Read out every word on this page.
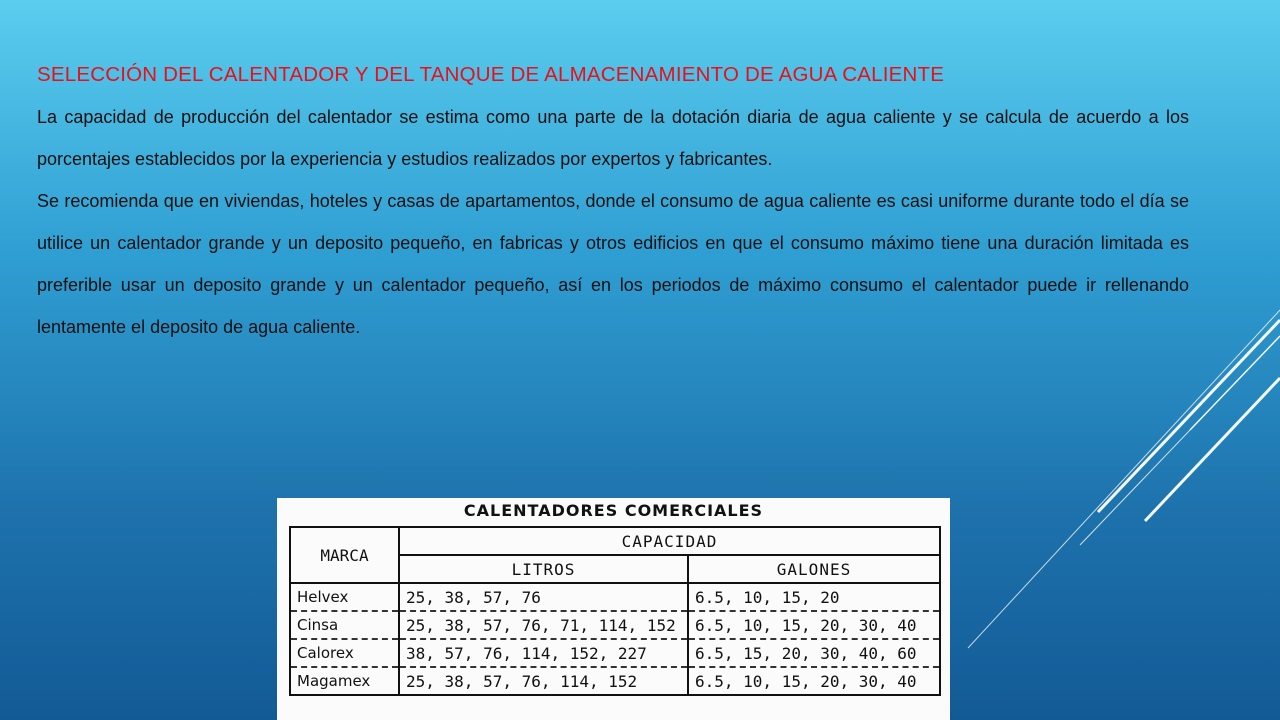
SELECCIÓN DEL CALENTADOR Y DEL TANQUE DE ALMACENAMIENTO DE AGUA CALIENTE

La capacidad de producción del calentador se estima como una parte de la dotación diaria de agua caliente y se calcula de acuerdo a los porcentajes establecidos por la experiencia y estudios realizados por expertos y fabricantes.

Se recomienda que en viviendas, hoteles y casas de apartamentos, donde el consumo de agua caliente es casi uniforme durante todo el día se utilice un calentador grande y un deposito pequeño, en fabricas y otros edificios en que el consumo máximo tiene una duración limitada es preferible usar un deposito grande y un calentador pequeño, así en los periodos de máximo consumo el calentador puede ir rellenando lentamente el deposito de agua caliente.

CALENTADORES COMERCIALES
MARCA	CAPACIDAD	
	LITROS	GALONES
Helvex	25, 38, 57, 76	6.5, 10, 15, 20
Cinsa	25, 38, 57, 76, 71, 114, 152	6.5, 10, 15, 20, 30, 40
Calorex	38, 57, 76, 114, 152, 227	6.5, 15, 20, 30, 40, 60
Magamex	25, 38, 57, 76, 114, 152	6.5, 10, 15, 20, 30, 40
